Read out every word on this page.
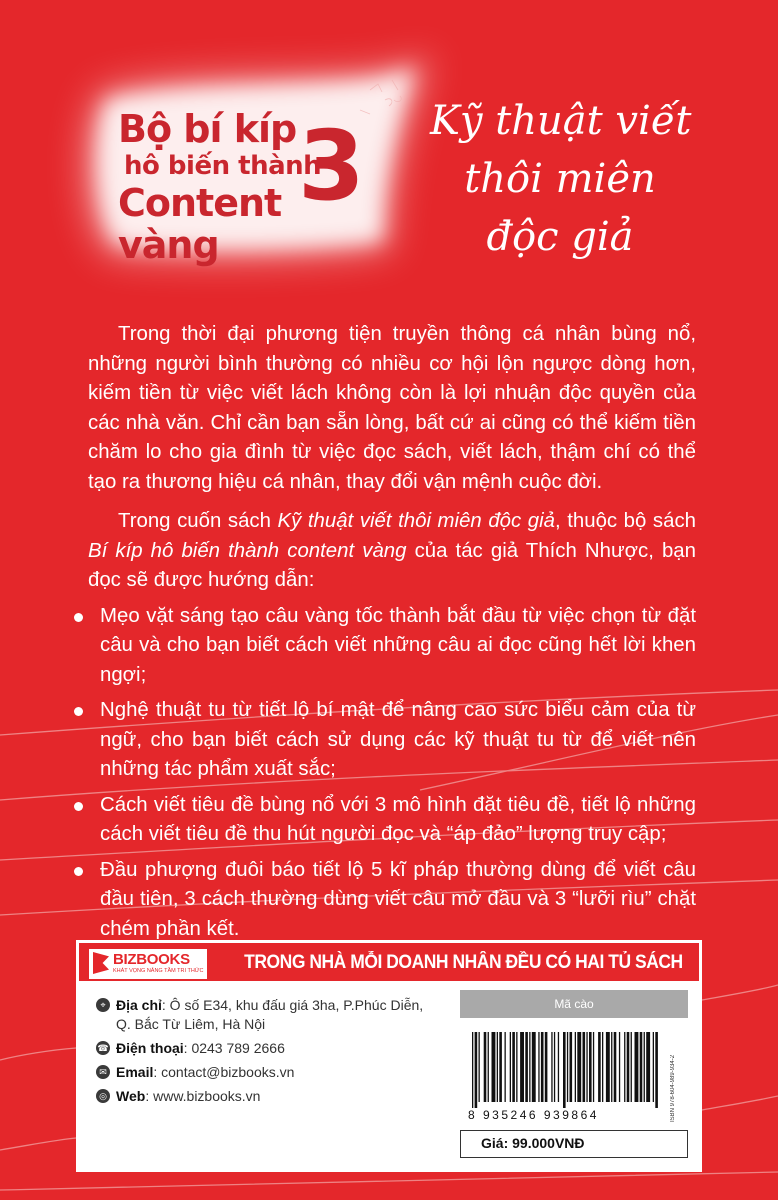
Bộ bí kíp
hô biến thành
Content vàng
3 Kỹ thuật viết
thôi miên
độc giả

Trong thời đại phương tiện truyền thông cá nhân bùng nổ, những người bình thường có nhiều cơ hội lộn ngược dòng hơn, kiếm tiền từ việc viết lách không còn là lợi nhuận độc quyền của các nhà văn. Chỉ cần bạn sẵn lòng, bất cứ ai cũng có thể kiếm tiền chăm lo cho gia đình từ việc đọc sách, viết lách, thậm chí có thể tạo ra thương hiệu cá nhân, thay đổi vận mệnh cuộc đời.

Trong cuốn sách Kỹ thuật viết thôi miên độc giả, thuộc bộ sách Bí kíp hô biến thành content vàng của tác giả Thích Nhược, bạn đọc sẽ được hướng dẫn:

Mẹo vặt sáng tạo câu vàng tốc thành bắt đầu từ việc chọn từ đặt câu và cho bạn biết cách viết những câu ai đọc cũng hết lời khen ngợi;
Nghệ thuật tu từ tiết lộ bí mật để nâng cao sức biểu cảm của từ ngữ, cho bạn biết cách sử dụng các kỹ thuật tu từ để viết nên những tác phẩm xuất sắc;
Cách viết tiêu đề bùng nổ với 3 mô hình đặt tiêu đề, tiết lộ những cách viết tiêu đề thu hút người đọc và “áp đảo” lượng truy cập;
Đầu phượng đuôi báo tiết lộ 5 kĩ pháp thường dùng để viết câu đầu tiên, 3 cách thường dùng viết câu mở đầu và 3 “lưỡi rìu” chặt chém phần kết.
BIZBOOKS
KHÁT VỌNG NÂNG TẦM TRI THỨC TRONG NHÀ MỖI DOANH NHÂN ĐỀU CÓ HAI TỦ SÁCH
⌖ Địa chỉ: Ô số E34, khu đấu giá 3ha, P.Phúc Diễn,
Q. Bắc Từ Liêm, Hà Nội
☎ Điện thoại: 0243 789 2666
✉ Email: contact@bizbooks.vn
◎ Web: www.bizbooks.vn
Mã cào
8 935246 939864	ISBN 978-604-989-934-2
Giá: 99.000VNĐ
